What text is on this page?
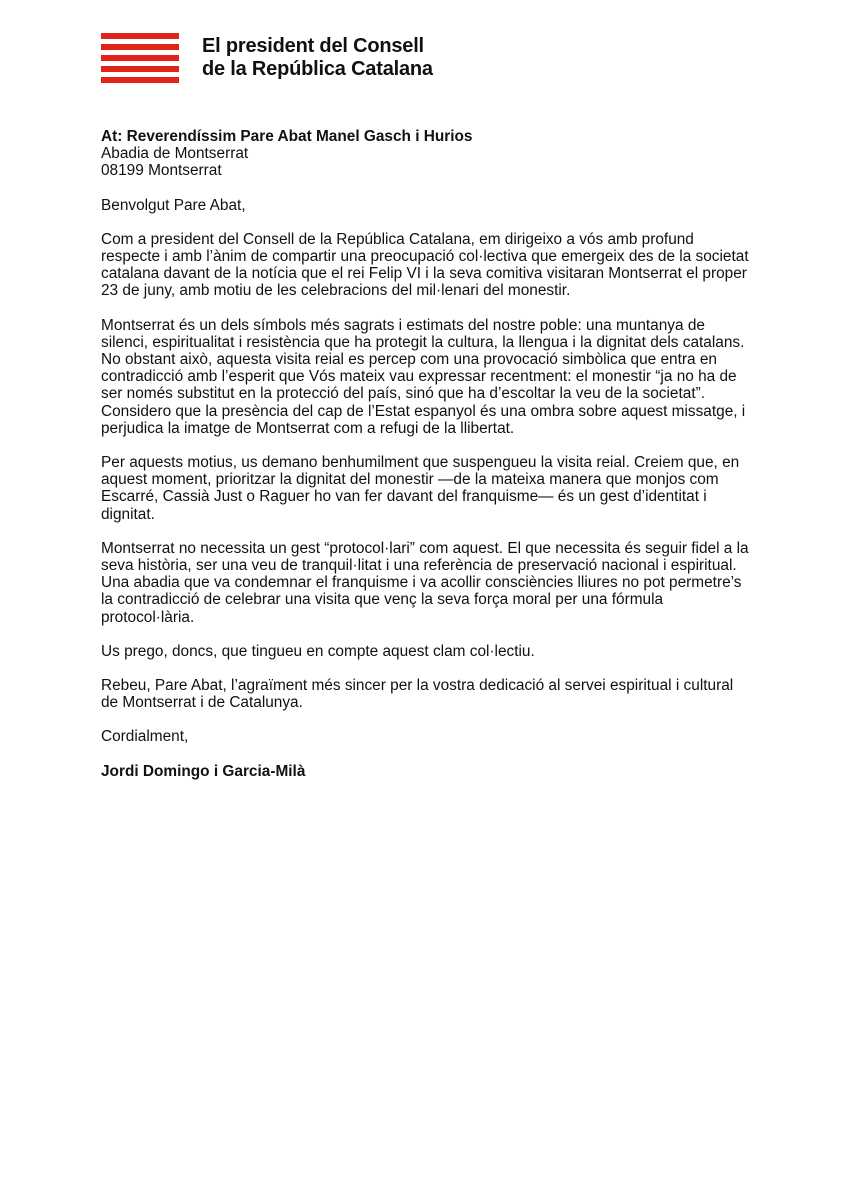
El president del Consell
de la República Catalana
At: Reverendíssim Pare Abat Manel Gasch i Hurios
Abadia de Montserrat
08199 Montserrat

Benvolgut Pare Abat,

Com a president del Consell de la República Catalana, em dirigeixo a vós amb profund respecte i amb l’ànim de compartir una preocupació col·lectiva que emergeix des de la societat catalana davant de la notícia que el rei Felip VI i la seva comitiva visitaran Montserrat el proper 23 de juny, amb motiu de les celebracions del mil·lenari del monestir.

Montserrat és un dels símbols més sagrats i estimats del nostre poble: una muntanya de silenci, espiritualitat i resistència que ha protegit la cultura, la llengua i la dignitat dels catalans. No obstant això, aquesta visita reial es percep com una provocació simbòlica que entra en contradicció amb l’esperit que Vós mateix vau expressar recentment: el monestir “ja no ha de ser només substitut en la protecció del país, sinó que ha d’escoltar la veu de la societat”. Considero que la presència del cap de l’Estat espanyol és una ombra sobre aquest missatge, i perjudica la imatge de Montserrat com a refugi de la llibertat.

Per aquests motius, us demano benhumilment que suspengueu la visita reial. Creiem que, en aquest moment, prioritzar la dignitat del monestir —de la mateixa manera que monjos com Escarré, Cassià Just o Raguer ho van fer davant del franquisme— és un gest d’identitat i dignitat.

Montserrat no necessita un gest “protocol·lari” com aquest. El que necessita és seguir fidel a la seva història, ser una veu de tranquil·litat i una referència de preservació nacional i espiritual. Una abadia que va condemnar el franquisme i va acollir consciències lliures no pot permetre’s la contradicció de celebrar una visita que venç la seva força moral per una fórmula protocol·lària.

Us prego, doncs, que tingueu en compte aquest clam col·lectiu.

Rebeu, Pare Abat, l’agraïment més sincer per la vostra dedicació al servei espiritual i cultural de Montserrat i de Catalunya.

Cordialment,

Jordi Domingo i Garcia-Milà
